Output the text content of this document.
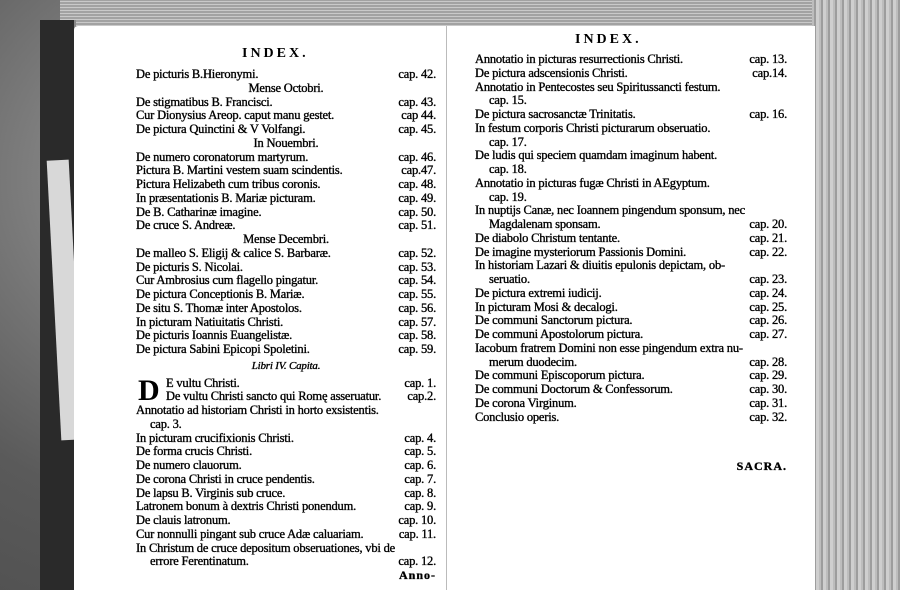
INDEX.
De picturis B.Hieronymi.	cap. 42.
Mense Octobri.
De stigmatibus B. Francisci.	cap. 43.
Cur Dionysius Areop. caput manu gestet.	cap 44.
De pictura Quinctini & V Volfangi.	cap. 45.
In Nouembri.
De numero coronatorum martyrum.	cap. 46.
Pictura B. Martini vestem suam scindentis.	cap.47.
Pictura Helizabeth cum tribus coronis.	cap. 48.
In præsentationis B. Mariæ picturam.	cap. 49.
De B. Catharinæ imagine.	cap. 50.
De cruce S. Andreæ.	cap. 51.
Mense Decembri.
De malleo S. Eligij & calice S. Barbaræ.	cap. 52.
De picturis S. Nicolai.	cap. 53.
Cur Ambrosius cum flagello pingatur.	cap. 54.
De pictura Conceptionis B. Mariæ.	cap. 55.
De situ S. Thomæ inter Apostolos.	cap. 56.
In picturam Natiuitatis Christi.	cap. 57.
De picturis Ioannis Euangelistæ.	cap. 58.
De pictura Sabini Epicopi Spoletini.	cap. 59.
Libri IV. Capita.
D E vultu Christi.	cap. 1.
De vultu Christi sancto qui Romę asseruatur. cap.2.
Annotatio ad historiam Christi in horto exsistentis.
cap. 3.
In picturam crucifixionis Christi.	cap. 4.
De forma crucis Christi.	cap. 5.
De numero clauorum.	cap. 6.
De corona Christi in cruce pendentis.	cap. 7.
De lapsu B. Virginis sub cruce.	cap. 8.
Latronem bonum à dextris Christi ponendum.	cap. 9.
De clauis latronum.	cap. 10.
Cur nonnulli pingant sub cruce Adæ caluariam.	cap. 11.
In Christum de cruce depositum obseruationes, vbi de
errore Ferentinatum.	cap. 12.
Anno-
INDEX.
Annotatio in picturas resurrectionis Christi.	cap. 13.
De pictura adscensionis Christi.	cap.14.
Annotatio in Pentecostes seu Spiritussancti festum.
cap. 15.
De pictura sacrosanctæ Trinitatis.	cap. 16.
In festum corporis Christi picturarum obseruatio.
cap. 17.
De ludis qui speciem quamdam imaginum habent.
cap. 18.
Annotatio in picturas fugæ Christi in AEgyptum.
cap. 19.
In nuptijs Canæ, nec Ioannem pingendum sponsum, nec
Magdalenam sponsam.	cap. 20.
De diabolo Christum tentante.	cap. 21.
De imagine mysteriorum Passionis Domini.	cap. 22.
In historiam Lazari & diuitis epulonis depictam, ob-
seruatio.	cap. 23.
De pictura extremi iudicij.	cap. 24.
In picturam Mosi & decalogi.	cap. 25.
De communi Sanctorum pictura.	cap. 26.
De communi Apostolorum pictura.	cap. 27.
Iacobum fratrem Domini non esse pingendum extra nu-
merum duodecim.	cap. 28.
De communi Episcoporum pictura.	cap. 29.
De communi Doctorum & Confessorum.	cap. 30.
De corona Virginum.	cap. 31.
Conclusio operis.	cap. 32.
SACRA.
